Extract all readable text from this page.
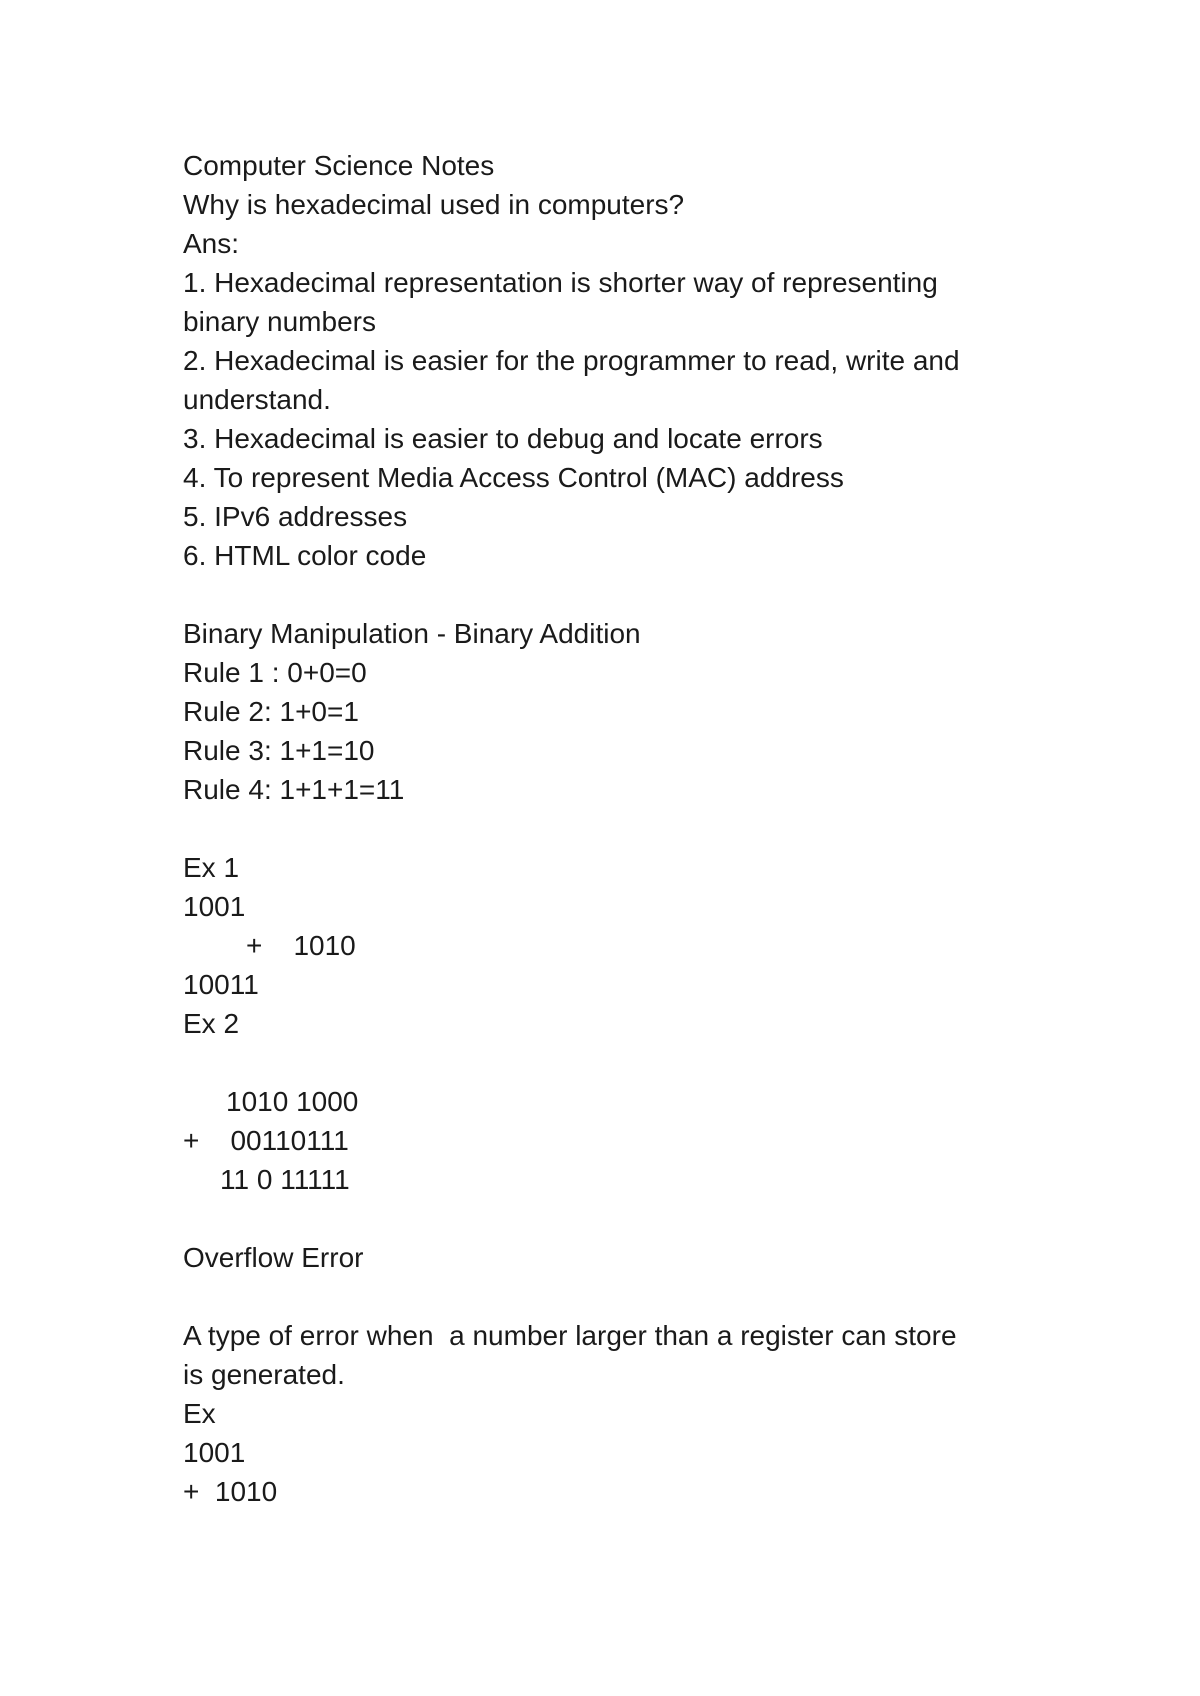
Computer Science Notes

Why is hexadecimal used in computers?

Ans:

1. Hexadecimal representation is shorter way of representing

binary numbers

2. Hexadecimal is easier for the programmer to read, write and

understand.

3. Hexadecimal is easier to debug and locate errors

4. To represent Media Access Control (MAC) address

5. IPv6 addresses

6. HTML color code

Binary Manipulation - Binary Addition

Rule 1 : 0+0=0

Rule 2: 1+0=1

Rule 3: 1+1=10

Rule 4: 1+1+1=11

Ex 1

1001

+    1010

10011

Ex 2

1010 1000

+    00110111

11 0 11111

Overflow Error

A type of error when  a number larger than a register can store

is generated.

Ex

1001

+  1010
